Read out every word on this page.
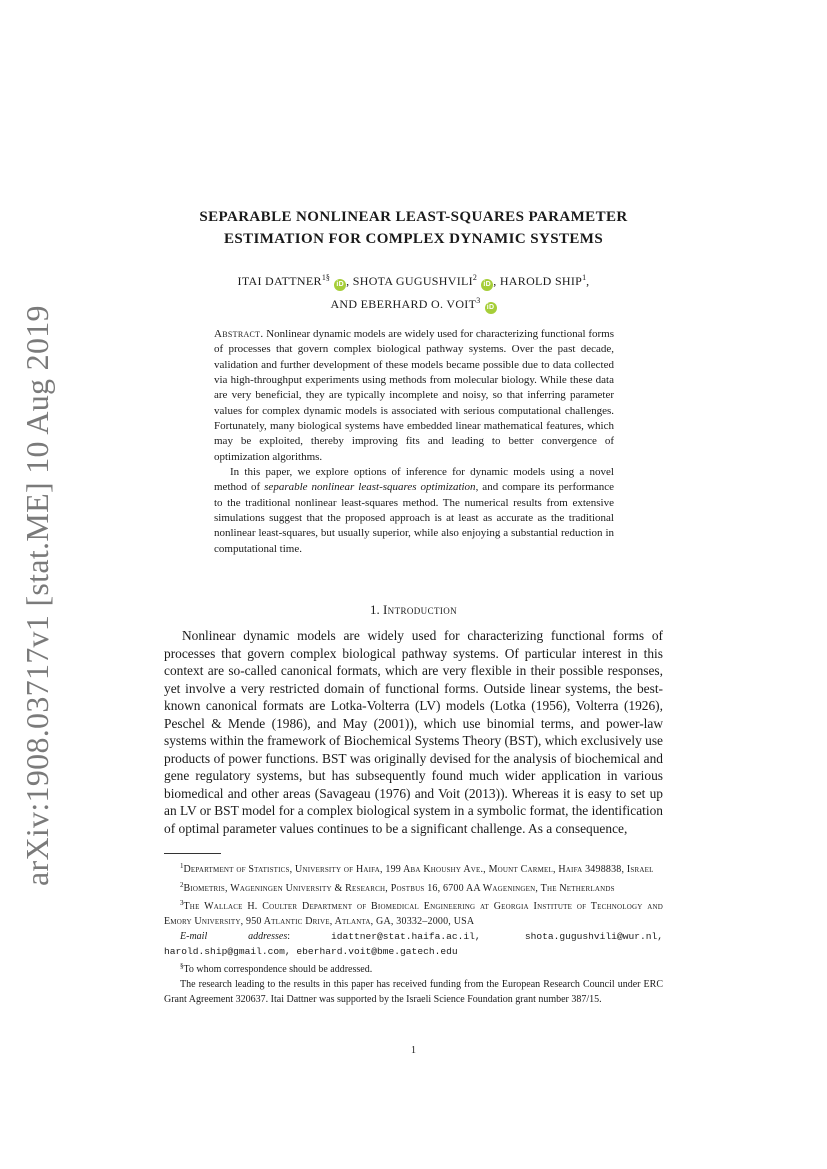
arXiv:1908.03717v1 [stat.ME] 10 Aug 2019
SEPARABLE NONLINEAR LEAST-SQUARES PARAMETER
ESTIMATION FOR COMPLEX DYNAMIC SYSTEMS
ITAI $DATTNER^{1\S}$ iD , SHOTA GUGUSHVILI$^2$ iD , HAROLD SHIP$^1$,
AND EBERHARD O. VOIT$^3$ iD

Abstract. Nonlinear dynamic models are widely used for characterizing functional forms of processes that govern complex biological pathway systems. Over the past decade, validation and further development of these models became possible due to data collected via high-throughput experiments using methods from molecular biology. While these data are very beneficial, they are typically incomplete and noisy, so that inferring parameter values for complex dynamic models is associated with serious computational challenges. Fortunately, many biological systems have embedded linear mathematical features, which may be exploited, thereby improving fits and leading to better convergence of optimization algorithms.

In this paper, we explore options of inference for dynamic models using a novel method of separable nonlinear least-squares optimization, and compare its performance to the traditional nonlinear least-squares method. The numerical results from extensive simulations suggest that the proposed approach is at least as accurate as the traditional nonlinear least-squares, but usually superior, while also enjoying a substantial reduction in computational time.

1. Introduction

Nonlinear dynamic models are widely used for characterizing functional forms of processes that govern complex biological pathway systems. Of particular interest in this context are so-called canonical formats, which are very flexible in their possible responses, yet involve a very restricted domain of functional forms. Outside linear systems, the best-known canonical formats are Lotka-Volterra (LV) models (Lotka (1956), Volterra (1926), Peschel & Mende (1986), and May (2001)), which use binomial terms, and power-law systems within the framework of Biochemical Systems Theory (BST), which exclusively use products of power functions. BST was originally devised for the analysis of biochemical and gene regulatory systems, but has subsequently found much wider application in various biomedical and other areas (Savageau (1976) and Voit (2013)). Whereas it is easy to set up an LV or BST model for a complex biological system in a symbolic format, the identification of optimal parameter values continues to be a significant challenge. As a consequence,

$^1$Department of Statistics, University of Haifa, 199 Aba Khoushy Ave., Mount Carmel, Haifa 3498838, Israel

$^2$Biometris, Wageningen University & Research, Postbus 16, 6700 AA Wageningen, The Netherlands

$^3$The Wallace H. Coulter Department of Biomedical Engineering at Georgia Institute of Technology and Emory University, 950 Atlantic Drive, Atlanta, GA, 30332–2000, USA

E-mail addresses: idattner@stat.haifa.ac.il, shota.gugushvili@wur.nl, harold.ship@gmail.com, eberhard.voit@bme.gatech.edu

§To whom correspondence should be addressed.

The research leading to the results in this paper has received funding from the European Research Council under ERC Grant Agreement 320637. Itai Dattner was supported by the Israeli Science Foundation grant number 387/15.

1
